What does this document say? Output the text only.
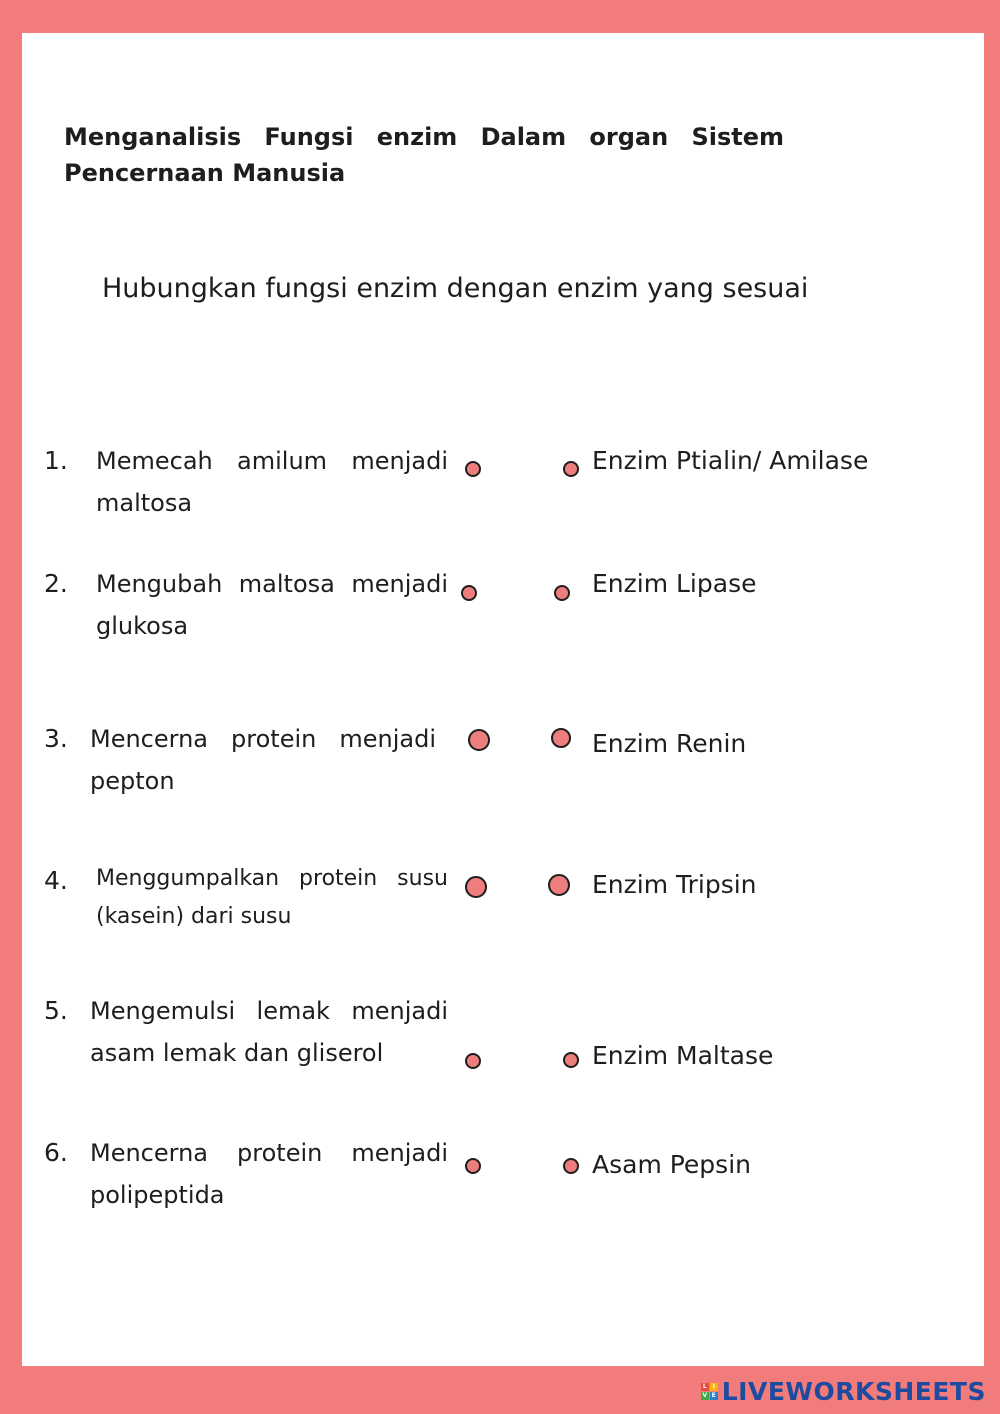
Menganalisis Fungsi enzim Dalam organ Sistem Pencernaan Manusia

Hubungkan fungsi enzim dengan enzim yang sesuai

1.	Memecah amilum menjadi maltosa
Enzim Ptialin/ Amilase
2.	Mengubah maltosa menjadi glukosa
Enzim Lipase
3. Mencerna protein menjadi pepton
Enzim Renin
4.	Menggumpalkan protein susu (kasein) dari susu
Enzim Tripsin
5. Mengemulsi lemak menjadi asam lemak dan gliserol	Enzim Maltase
6. Mencerna protein menjadi polipeptida
Asam Pepsin
L I
V E LIVEWORKSHEETS
